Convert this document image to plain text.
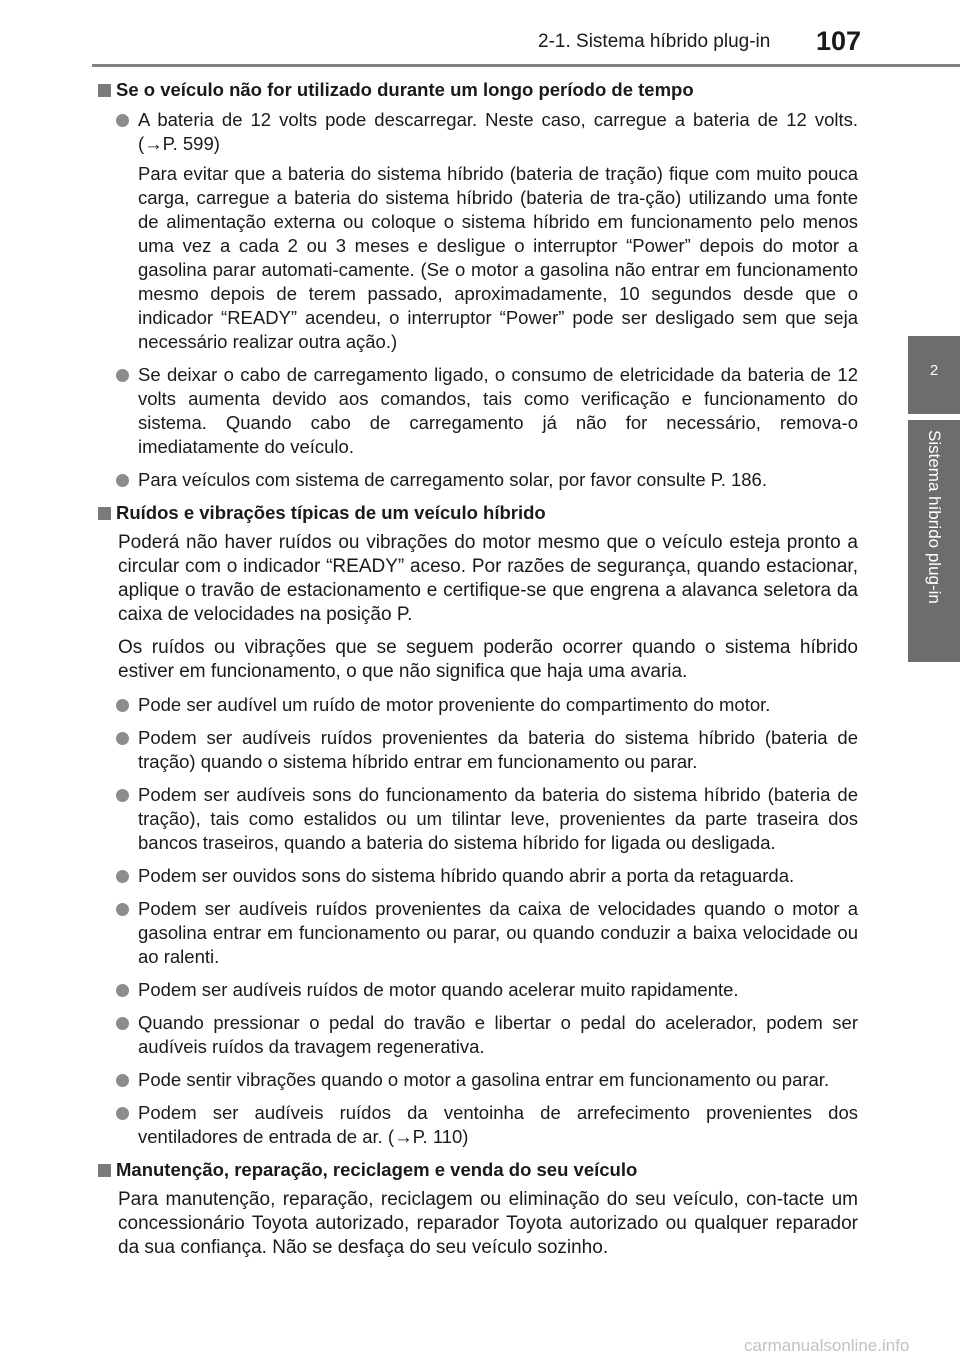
2-1. Sistema híbrido plug-in 107
2
Sistema híbrido plug-in
Se o veículo não for utilizado durante um longo período de tempo
A bateria de 12 volts pode descarregar. Neste caso, carregue a bateria de 12 volts. (→P. 599)
Para evitar que a bateria do sistema híbrido (bateria de tração) fique com muito pouca carga, carregue a bateria do sistema híbrido (bateria de tra-ção) utilizando uma fonte de alimentação externa ou coloque o sistema híbrido em funcionamento pelo menos uma vez a cada 2 ou 3 meses e desligue o interruptor “Power” depois do motor a gasolina parar automati-camente. (Se o motor a gasolina não entrar em funcionamento mesmo depois de terem passado, aproximadamente, 10 segundos desde que o indicador “READY” acendeu, o interruptor “Power” pode ser desligado sem que seja necessário realizar outra ação.)
Se deixar o cabo de carregamento ligado, o consumo de eletricidade da bateria de 12 volts aumenta devido aos comandos, tais como verificação e funcionamento do sistema. Quando cabo de carregamento já não for necessário, remova-o imediatamente do veículo.
Para veículos com sistema de carregamento solar, por favor consulte P. 186.
Ruídos e vibrações típicas de um veículo híbrido
Poderá não haver ruídos ou vibrações do motor mesmo que o veículo esteja pronto a circular com o indicador “READY” aceso. Por razões de segurança, quando estacionar, aplique o travão de estacionamento e certifique-se que engrena a alavanca seletora da caixa de velocidades na posição P.
Os ruídos ou vibrações que se seguem poderão ocorrer quando o sistema híbrido estiver em funcionamento, o que não significa que haja uma avaria.
Pode ser audível um ruído de motor proveniente do compartimento do motor.
Podem ser audíveis ruídos provenientes da bateria do sistema híbrido (bateria de tração) quando o sistema híbrido entrar em funcionamento ou parar.
Podem ser audíveis sons do funcionamento da bateria do sistema híbrido (bateria de tração), tais como estalidos ou um tilintar leve, provenientes da parte traseira dos bancos traseiros, quando a bateria do sistema híbrido for ligada ou desligada.
Podem ser ouvidos sons do sistema híbrido quando abrir a porta da retaguarda.
Podem ser audíveis ruídos provenientes da caixa de velocidades quando o motor a gasolina entrar em funcionamento ou parar, ou quando conduzir a baixa velocidade ou ao ralenti.
Podem ser audíveis ruídos de motor quando acelerar muito rapidamente.
Quando pressionar o pedal do travão e libertar o pedal do acelerador, podem ser audíveis ruídos da travagem regenerativa.
Pode sentir vibrações quando o motor a gasolina entrar em funcionamento ou parar.
Podem ser audíveis ruídos da ventoinha de arrefecimento provenientes dos ventiladores de entrada de ar. (→P. 110)
Manutenção, reparação, reciclagem e venda do seu veículo
Para manutenção, reparação, reciclagem ou eliminação do seu veículo, con-tacte um concessionário Toyota autorizado, reparador Toyota autorizado ou qualquer reparador da sua confiança. Não se desfaça do seu veículo sozinho.
carmanualsonline.info
